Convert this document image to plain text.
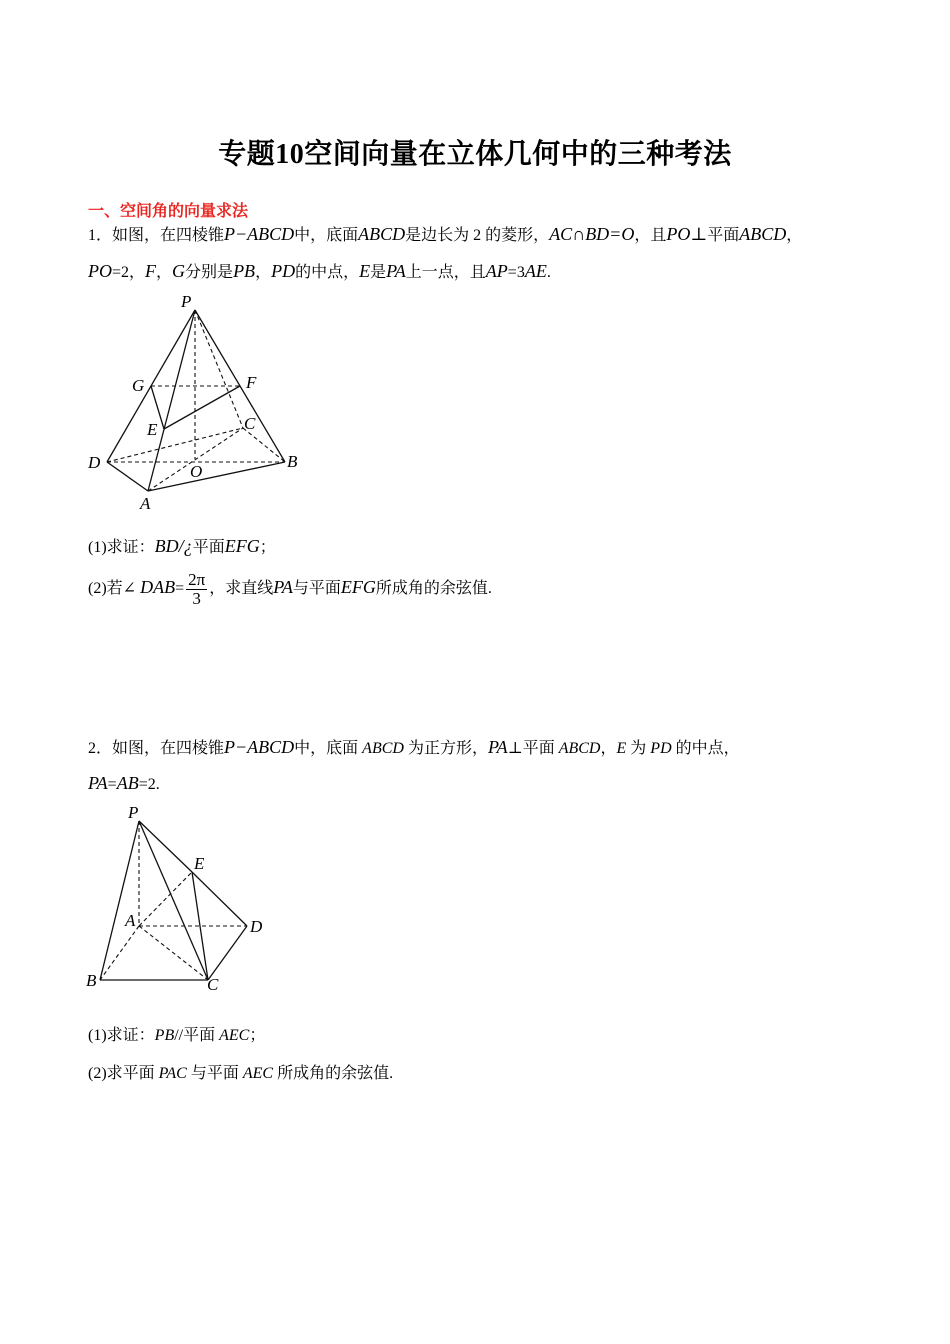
专题10空间向量在立体几何中的三种考法
一、空间角的向量求法
1．如图，在四棱锥P−ABCD中，底面ABCD是边长为 2 的菱形，AC∩BD=O，且PO⊥平面ABCD，
PO=2，F，G分别是PB，PD的中点，E是PA上一点，且AP=3AE.
P
G	F
E	C
D	O
B
A
(1)求证：BD/¿平面EFG；
(2)若∠ $DAB= \frac{2\pi}{3}$ ，求直线PA与平面EFG所成角的余弦值.
2．如图，在四棱锥P−ABCD中，底面 ABCD 为正方形，PA⊥平面 ABCD，E 为 PD 的中点，
PA=AB=2.
P
E
A	D
B	C
(1)求证：PB//平面 AEC；
(2)求平面 PAC 与平面 AEC 所成角的余弦值.
